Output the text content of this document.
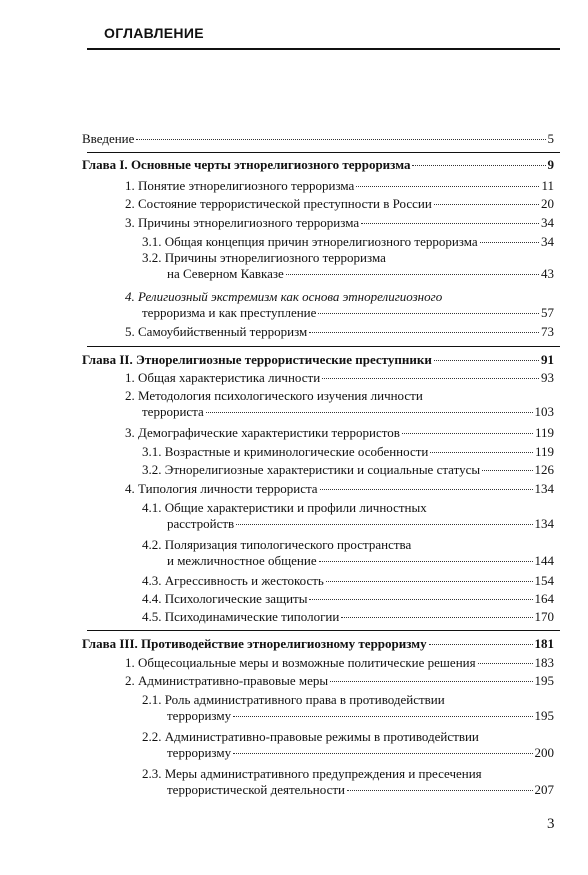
ОГЛАВЛЕНИЕ
Введение	5
Глава I. Основные черты этнорелигиозного терроризма	9
1. Понятие этнорелигиозного терроризма	11
2. Состояние террористической преступности в России	20
3. Причины этнорелигиозного терроризма	34
3.1. Общая концепция причин этнорелигиозного терроризма	34
3.2. Причины этнорелигиозного терроризма
на Северном Кавказе	43
4. Религиозный экстремизм как основа этнорелигиозного
терроризма и как преступление	57
5. Самоубийственный терроризм	73
Глава II. Этнорелигиозные террористические преступники	91
1. Общая характеристика личности	93
2. Методология психологического изучения личности
террориста	103
3. Демографические характеристики террористов	119
3.1. Возрастные и криминологические особенности	119
3.2. Этнорелигиозные характеристики и социальные статусы	126
4. Типология личности террориста	134
4.1. Общие характеристики и профили личностных
расстройств	134
4.2. Поляризация типологического пространства
и межличностное общение	144
4.3. Агрессивность и жестокость	154
4.4. Психологические защиты	164
4.5. Психодинамические типологии	170
Глава III. Противодействие этнорелигиозному терроризму	181
1. Общесоциальные меры и возможные политические решения	183
2. Административно-правовые меры	195
2.1. Роль административного права в противодействии
терроризму	195
2.2. Административно-правовые режимы в противодействии
терроризму	200
2.3. Меры административного предупреждения и пресечения
террористической деятельности	207
3
